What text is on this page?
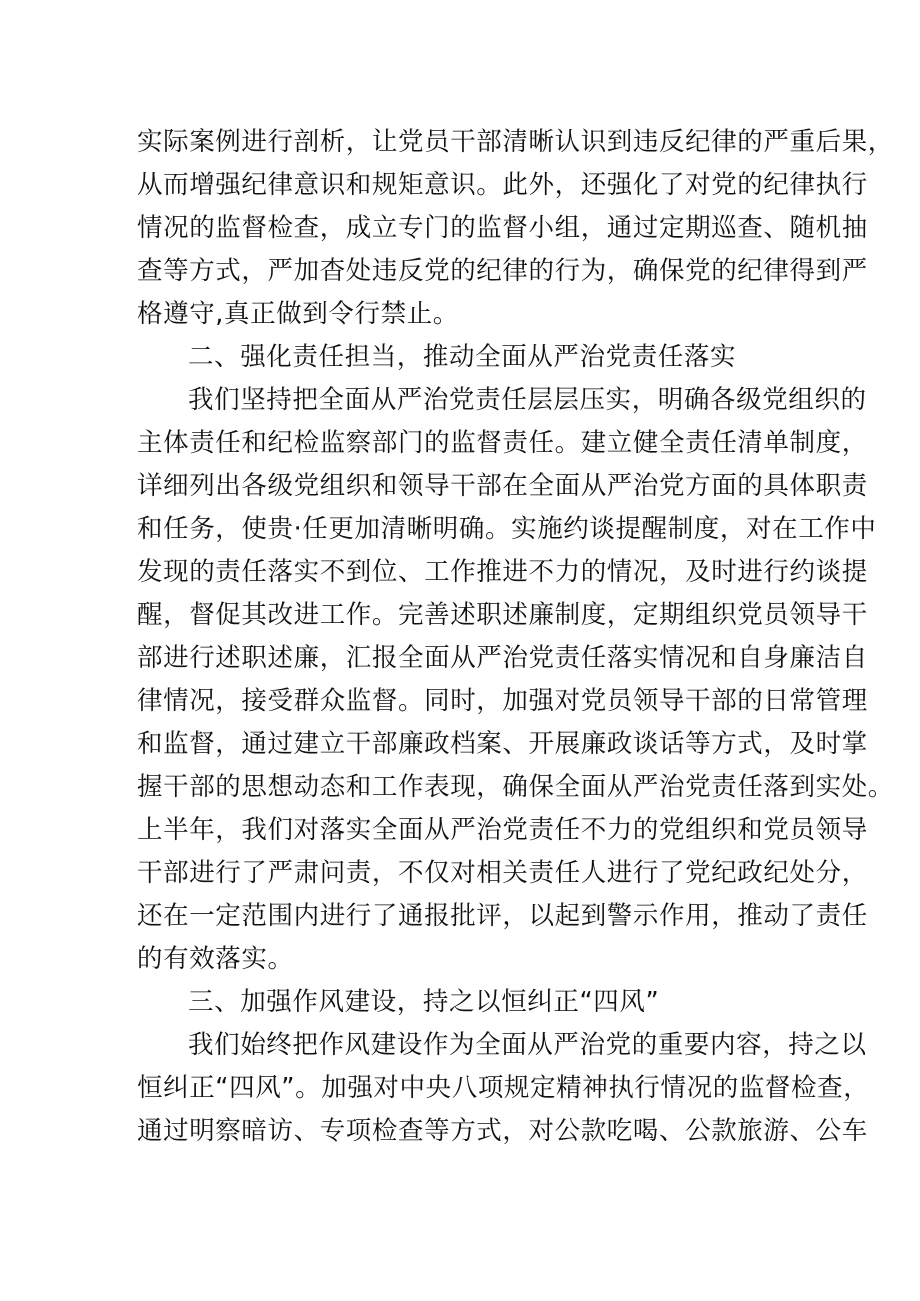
实际案例进行剖析，让党员干部清晰认识到违反纪律的严重后果，
从而增强纪律意识和规矩意识。此外，还强化了对党的纪律执行
情况的监督检查，成立专门的监督小组，通过定期巡查、随机抽
查等方式，严加杳处违反党的纪律的行为，确保党的纪律得到严
格遵守,真正做到令行禁止。
二、强化责任担当，推动全面从严治党责任落实
我们坚持把全面从严治党责任层层压实，明确各级党组织的
主体责任和纪检监察部门的监督责任。建立健全责任清单制度，
详细列出各级党组织和领导干部在全面从严治党方面的具体职责
和任务，使贵·任更加清晰明确。实施约谈提醒制度，对在工作中
发现的责任落实不到位、工作推进不力的情况，及时进行约谈提
醒，督促其改进工作。完善述职述廉制度，定期组织党员领导干
部进行述职述廉，汇报全面从严治党责任落实情况和自身廉洁自
律情况，接受群众监督。同时，加强对党员领导干部的日常管理
和监督，通过建立干部廉政档案、开展廉政谈话等方式，及时掌
握干部的思想动态和工作表现，确保全面从严治党责任落到实处。
上半年，我们对落实全面从严治党责任不力的党组织和党员领导
干部进行了严肃问责，不仅对相关责任人进行了党纪政纪处分，
还在一定范围内进行了通报批评，以起到警示作用，推动了责任
的有效落实。
三、加强作风建设，持之以恒纠正“四风”
我们始终把作风建设作为全面从严治党的重要内容，持之以
恒纠正“四风”。加强对中央八项规定精神执行情况的监督检查，
通过明察暗访、专项检查等方式，对公款吃喝、公款旅游、公车
